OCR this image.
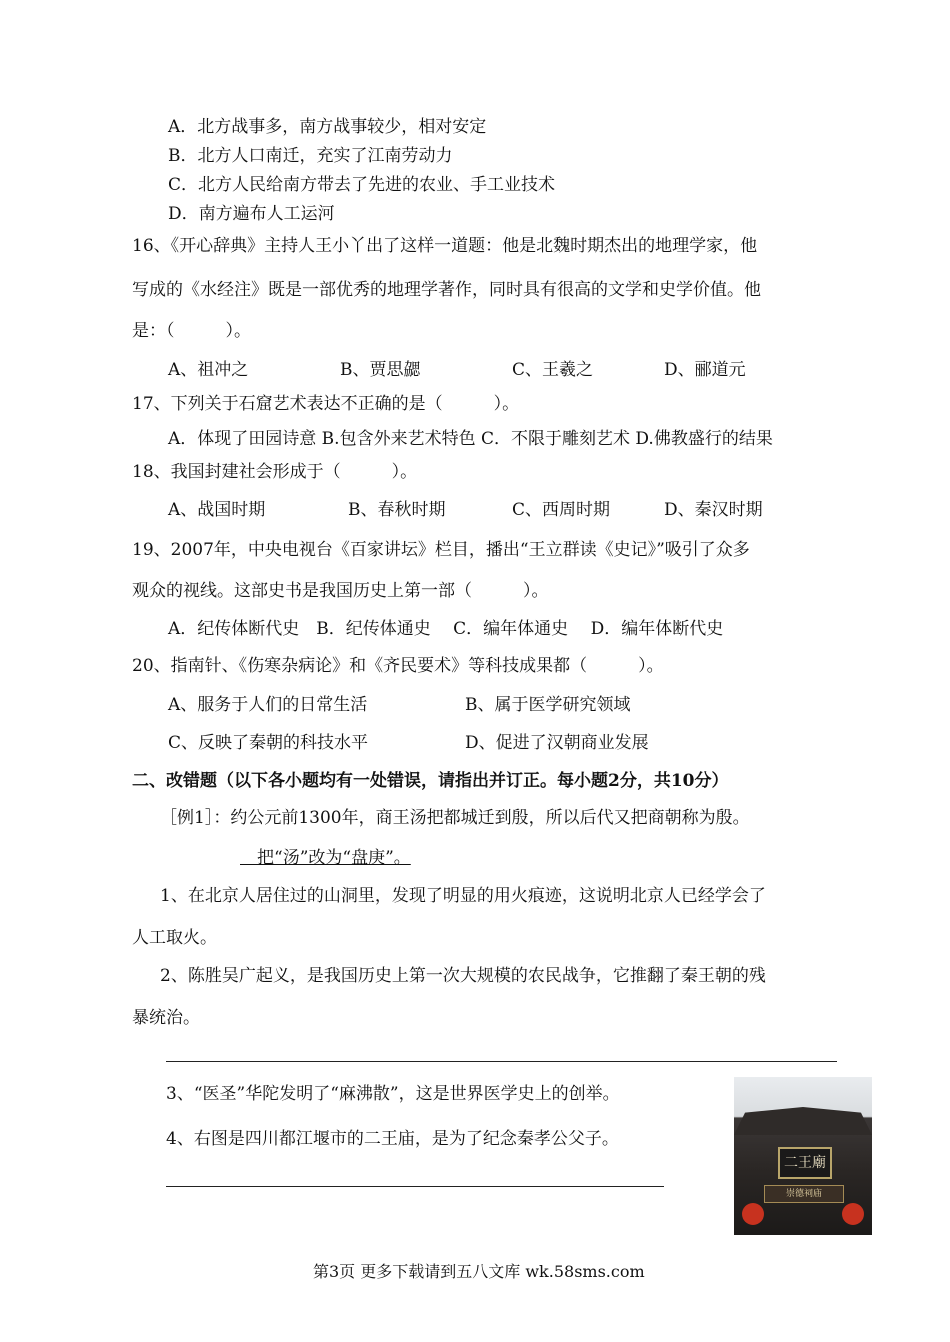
A．北方战事多，南方战事较少，相对安定
B．北方人口南迁，充实了江南劳动力
C．北方人民给南方带去了先进的农业、手工业技术
D．南方遍布人工运河
16、《开心辞典》主持人王小丫出了这样一道题：他是北魏时期杰出的地理学家，他
写成的《水经注》既是一部优秀的地理学著作，同时具有很高的文学和史学价值。他
是：（　　　）。
A、祖冲之	B、贾思勰	C、王羲之	D、郦道元
17、下列关于石窟艺术表达不正确的是（　　　）。
A．体现了田园诗意 B.包含外来艺术特色 C．不限于雕刻艺术 D.佛教盛行的结果
18、我国封建社会形成于（　　　）。
A、战国时期	B、春秋时期	C、西周时期	D、秦汉时期
19、2007年，中央电视台《百家讲坛》栏目，播出“王立群读《史记》”吸引了众多
观众的视线。这部史书是我国历史上第一部（　　　）。
A．纪传体断代史　B．纪传体通史　 C．编年体通史　 D．编年体断代史
20、指南针、《伤寒杂病论》和《齐民要术》等科技成果都（　　　）。
A、服务于人们的日常生活	B、属于医学研究领域
C、反映了秦朝的科技水平	D、促进了汉朝商业发展
二、改错题（以下各小题均有一处错误，请指出并订正。每小题2分，共10分）
［例1］：约公元前1300年，商王汤把都城迁到殷，所以后代又把商朝称为殷。
　把“汤”改为“盘庚”。
1、在北京人居住过的山洞里，发现了明显的用火痕迹，这说明北京人已经学会了
人工取火。
2、陈胜吴广起义，是我国历史上第一次大规模的农民战争，它推翻了秦王朝的残
暴统治。
3、“医圣”华陀发明了“麻沸散”，这是世界医学史上的创举。
4、右图是四川都江堰市的二王庙，是为了纪念秦孝公父子。
二王廟
崇德祠庙
第3页 更多下载请到五八文库 wk.58sms.com
